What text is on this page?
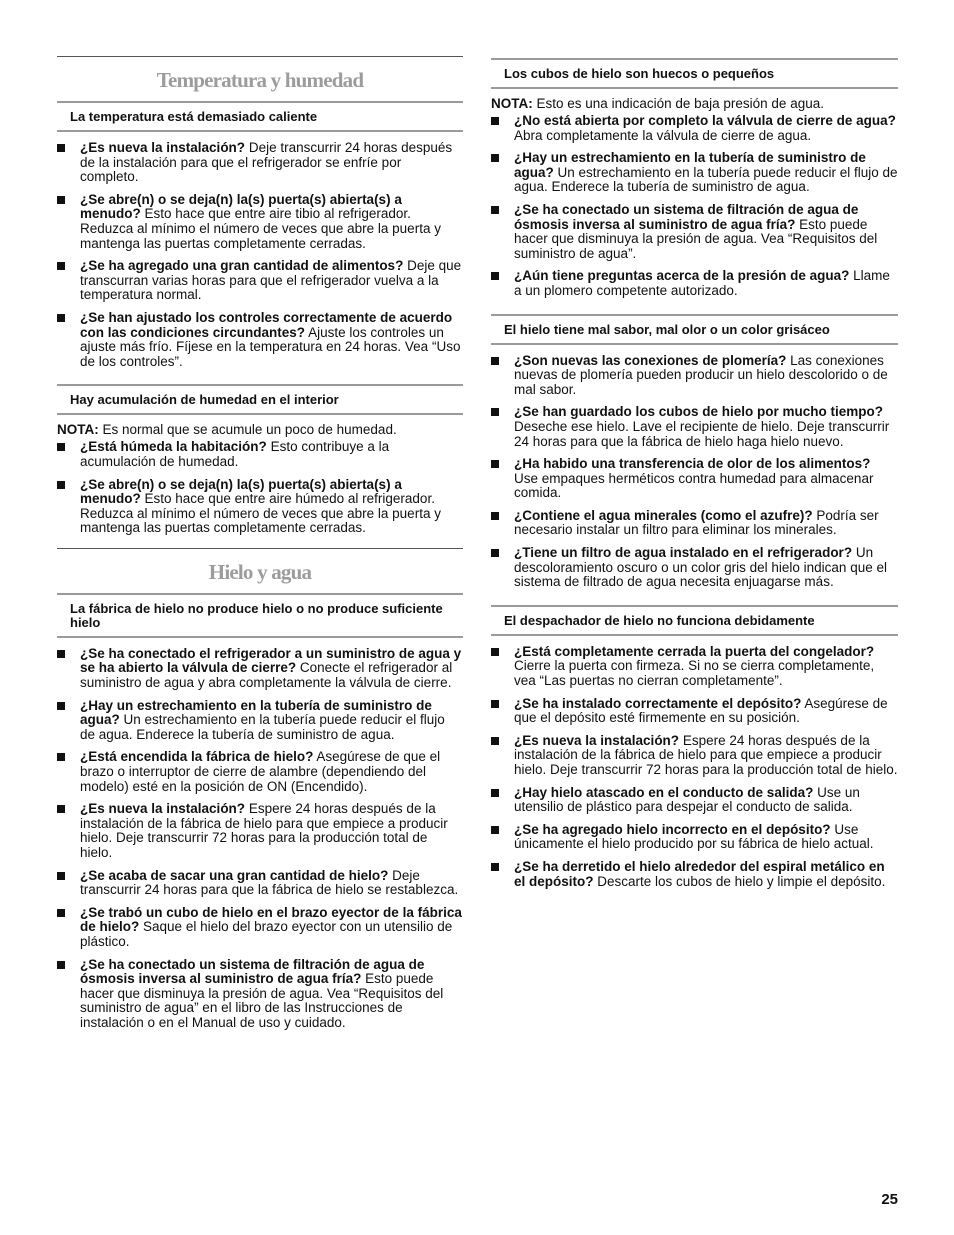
Temperatura y humedad
La temperatura está demasiado caliente
¿Es nueva la instalación? Deje transcurrir 24 horas después de la instalación para que el refrigerador se enfríe por completo.
¿Se abre(n) o se deja(n) la(s) puerta(s) abierta(s) a menudo? Esto hace que entre aire tibio al refrigerador. Reduzca al mínimo el número de veces que abre la puerta y mantenga las puertas completamente cerradas.
¿Se ha agregado una gran cantidad de alimentos? Deje que transcurran varias horas para que el refrigerador vuelva a la temperatura normal.
¿Se han ajustado los controles correctamente de acuerdo con las condiciones circundantes? Ajuste los controles un ajuste más frío. Fíjese en la temperatura en 24 horas. Vea “Uso de los controles”.
Hay acumulación de humedad en el interior
NOTA: Es normal que se acumule un poco de humedad.
¿Está húmeda la habitación? Esto contribuye a la acumulación de humedad.
¿Se abre(n) o se deja(n) la(s) puerta(s) abierta(s) a menudo? Esto hace que entre aire húmedo al refrigerador. Reduzca al mínimo el número de veces que abre la puerta y mantenga las puertas completamente cerradas.
Hielo y agua
La fábrica de hielo no produce hielo o no produce suficiente hielo
¿Se ha conectado el refrigerador a un suministro de agua y se ha abierto la válvula de cierre? Conecte el refrigerador al suministro de agua y abra completamente la válvula de cierre.
¿Hay un estrechamiento en la tubería de suministro de agua? Un estrechamiento en la tubería puede reducir el flujo de agua. Enderece la tubería de suministro de agua.
¿Está encendida la fábrica de hielo? Asegúrese de que el brazo o interruptor de cierre de alambre (dependiendo del modelo) esté en la posición de ON (Encendido).
¿Es nueva la instalación? Espere 24 horas después de la instalación de la fábrica de hielo para que empiece a producir hielo. Deje transcurrir 72 horas para la producción total de hielo.
¿Se acaba de sacar una gran cantidad de hielo? Deje transcurrir 24 horas para que la fábrica de hielo se restablezca.
¿Se trabó un cubo de hielo en el brazo eyector de la fábrica de hielo? Saque el hielo del brazo eyector con un utensilio de plástico.
¿Se ha conectado un sistema de filtración de agua de ósmosis inversa al suministro de agua fría? Esto puede hacer que disminuya la presión de agua. Vea “Requisitos del suministro de agua” en el libro de las Instrucciones de instalación o en el Manual de uso y cuidado.
Los cubos de hielo son huecos o pequeños
NOTA: Esto es una indicación de baja presión de agua.
¿No está abierta por completo la válvula de cierre de agua? Abra completamente la válvula de cierre de agua.
¿Hay un estrechamiento en la tubería de suministro de agua? Un estrechamiento en la tubería puede reducir el flujo de agua. Enderece la tubería de suministro de agua.
¿Se ha conectado un sistema de filtración de agua de ósmosis inversa al suministro de agua fría? Esto puede hacer que disminuya la presión de agua. Vea “Requisitos del suministro de agua”.
¿Aún tiene preguntas acerca de la presión de agua? Llame a un plomero competente autorizado.
El hielo tiene mal sabor, mal olor o un color grisáceo
¿Son nuevas las conexiones de plomería? Las conexiones nuevas de plomería pueden producir un hielo descolorido o de mal sabor.
¿Se han guardado los cubos de hielo por mucho tiempo? Deseche ese hielo. Lave el recipiente de hielo. Deje transcurrir 24 horas para que la fábrica de hielo haga hielo nuevo.
¿Ha habido una transferencia de olor de los alimentos? Use empaques herméticos contra humedad para almacenar comida.
¿Contiene el agua minerales (como el azufre)? Podría ser necesario instalar un filtro para eliminar los minerales.
¿Tiene un filtro de agua instalado en el refrigerador? Un descoloramiento oscuro o un color gris del hielo indican que el sistema de filtrado de agua necesita enjuagarse más.
El despachador de hielo no funciona debidamente
¿Está completamente cerrada la puerta del congelador? Cierre la puerta con firmeza. Si no se cierra completamente, vea “Las puertas no cierran completamente”.
¿Se ha instalado correctamente el depósito? Asegúrese de que el depósito esté firmemente en su posición.
¿Es nueva la instalación? Espere 24 horas después de la instalación de la fábrica de hielo para que empiece a producir hielo. Deje transcurrir 72 horas para la producción total de hielo.
¿Hay hielo atascado en el conducto de salida? Use un utensilio de plástico para despejar el conducto de salida.
¿Se ha agregado hielo incorrecto en el depósito? Use únicamente el hielo producido por su fábrica de hielo actual.
¿Se ha derretido el hielo alrededor del espiral metálico en el depósito? Descarte los cubos de hielo y limpie el depósito.
25
